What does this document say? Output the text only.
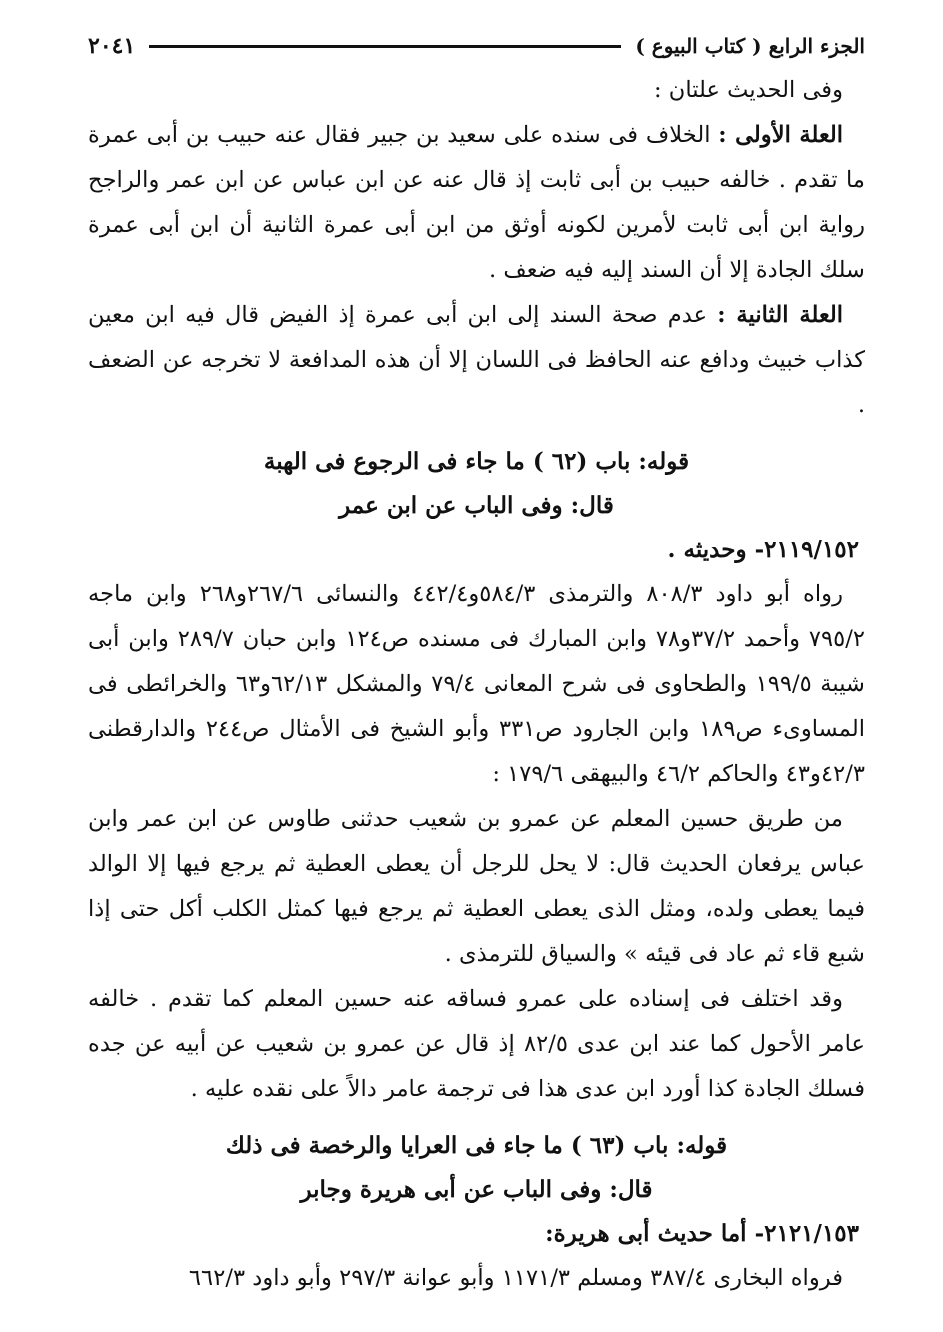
الجزء الرابع ( كتاب البيوع )
٢٠٤١

وفى الحديث علتان :

العلة الأولى : الخلاف فى سنده على سعيد بن جبير فقال عنه حبيب بن أبى عمرة ما تقدم . خالفه حبيب بن أبى ثابت إذ قال عنه عن ابن عباس عن ابن عمر والراجح رواية ابن أبى ثابت لأمرين لكونه أوثق من ابن أبى عمرة الثانية أن ابن أبى عمرة سلك الجادة إلا أن السند إليه فيه ضعف .

العلة الثانية : عدم صحة السند إلى ابن أبى عمرة إذ الفيض قال فيه ابن معين كذاب خبيث ودافع عنه الحافظ فى اللسان إلا أن هذه المدافعة لا تخرجه عن الضعف .

قوله: باب (٦٢ ) ما جاء فى الرجوع فى الهبة
قال: وفى الباب عن ابن عمر
٢١١٩/١٥٢- وحديثه .

رواه أبو داود ٨٠٨/٣ والترمذى ٥٨٤/٣و٤٤٢/٤ والنسائى ٢٦٧/٦و٢٦٨ وابن ماجه ٧٩٥/٢ وأحمد ٣٧/٢و٧٨ وابن المبارك فى مسنده ص١٢٤ وابن حبان ٢٨٩/٧ وابن أبى شيبة ١٩٩/٥ والطحاوى فى شرح المعانى ٧٩/٤ والمشكل ٦٢/١٣و٦٣ والخرائطى فى المساوىء ص١٨٩ وابن الجارود ص٣٣١ وأبو الشيخ فى الأمثال ص٢٤٤ والدارقطنى ٤٢/٣و٤٣ والحاكم ٤٦/٢ والبيهقى ١٧٩/٦ :

من طريق حسين المعلم عن عمرو بن شعيب حدثنى طاوس عن ابن عمر وابن عباس يرفعان الحديث قال: لا يحل للرجل أن يعطى العطية ثم يرجع فيها إلا الوالد فيما يعطى ولده، ومثل الذى يعطى العطية ثم يرجع فيها كمثل الكلب أكل حتى إذا شبع قاء ثم عاد فى قيئه » والسياق للترمذى .

وقد اختلف فى إسناده على عمرو فساقه عنه حسين المعلم كما تقدم . خالفه عامر الأحول كما عند ابن عدى ٨٢/٥ إذ قال عن عمرو بن شعيب عن أبيه عن جده فسلك الجادة كذا أورد ابن عدى هذا فى ترجمة عامر دالاً على نقده عليه .

قوله: باب (٦٣ ) ما جاء فى العرايا والرخصة فى ذلك
قال: وفى الباب عن أبى هريرة وجابر
٢١٢١/١٥٣- أما حديث أبى هريرة:

فرواه البخارى ٣٨٧/٤ ومسلم ١١٧١/٣ وأبو عوانة ٢٩٧/٣ وأبو داود ٦٦٢/٣
